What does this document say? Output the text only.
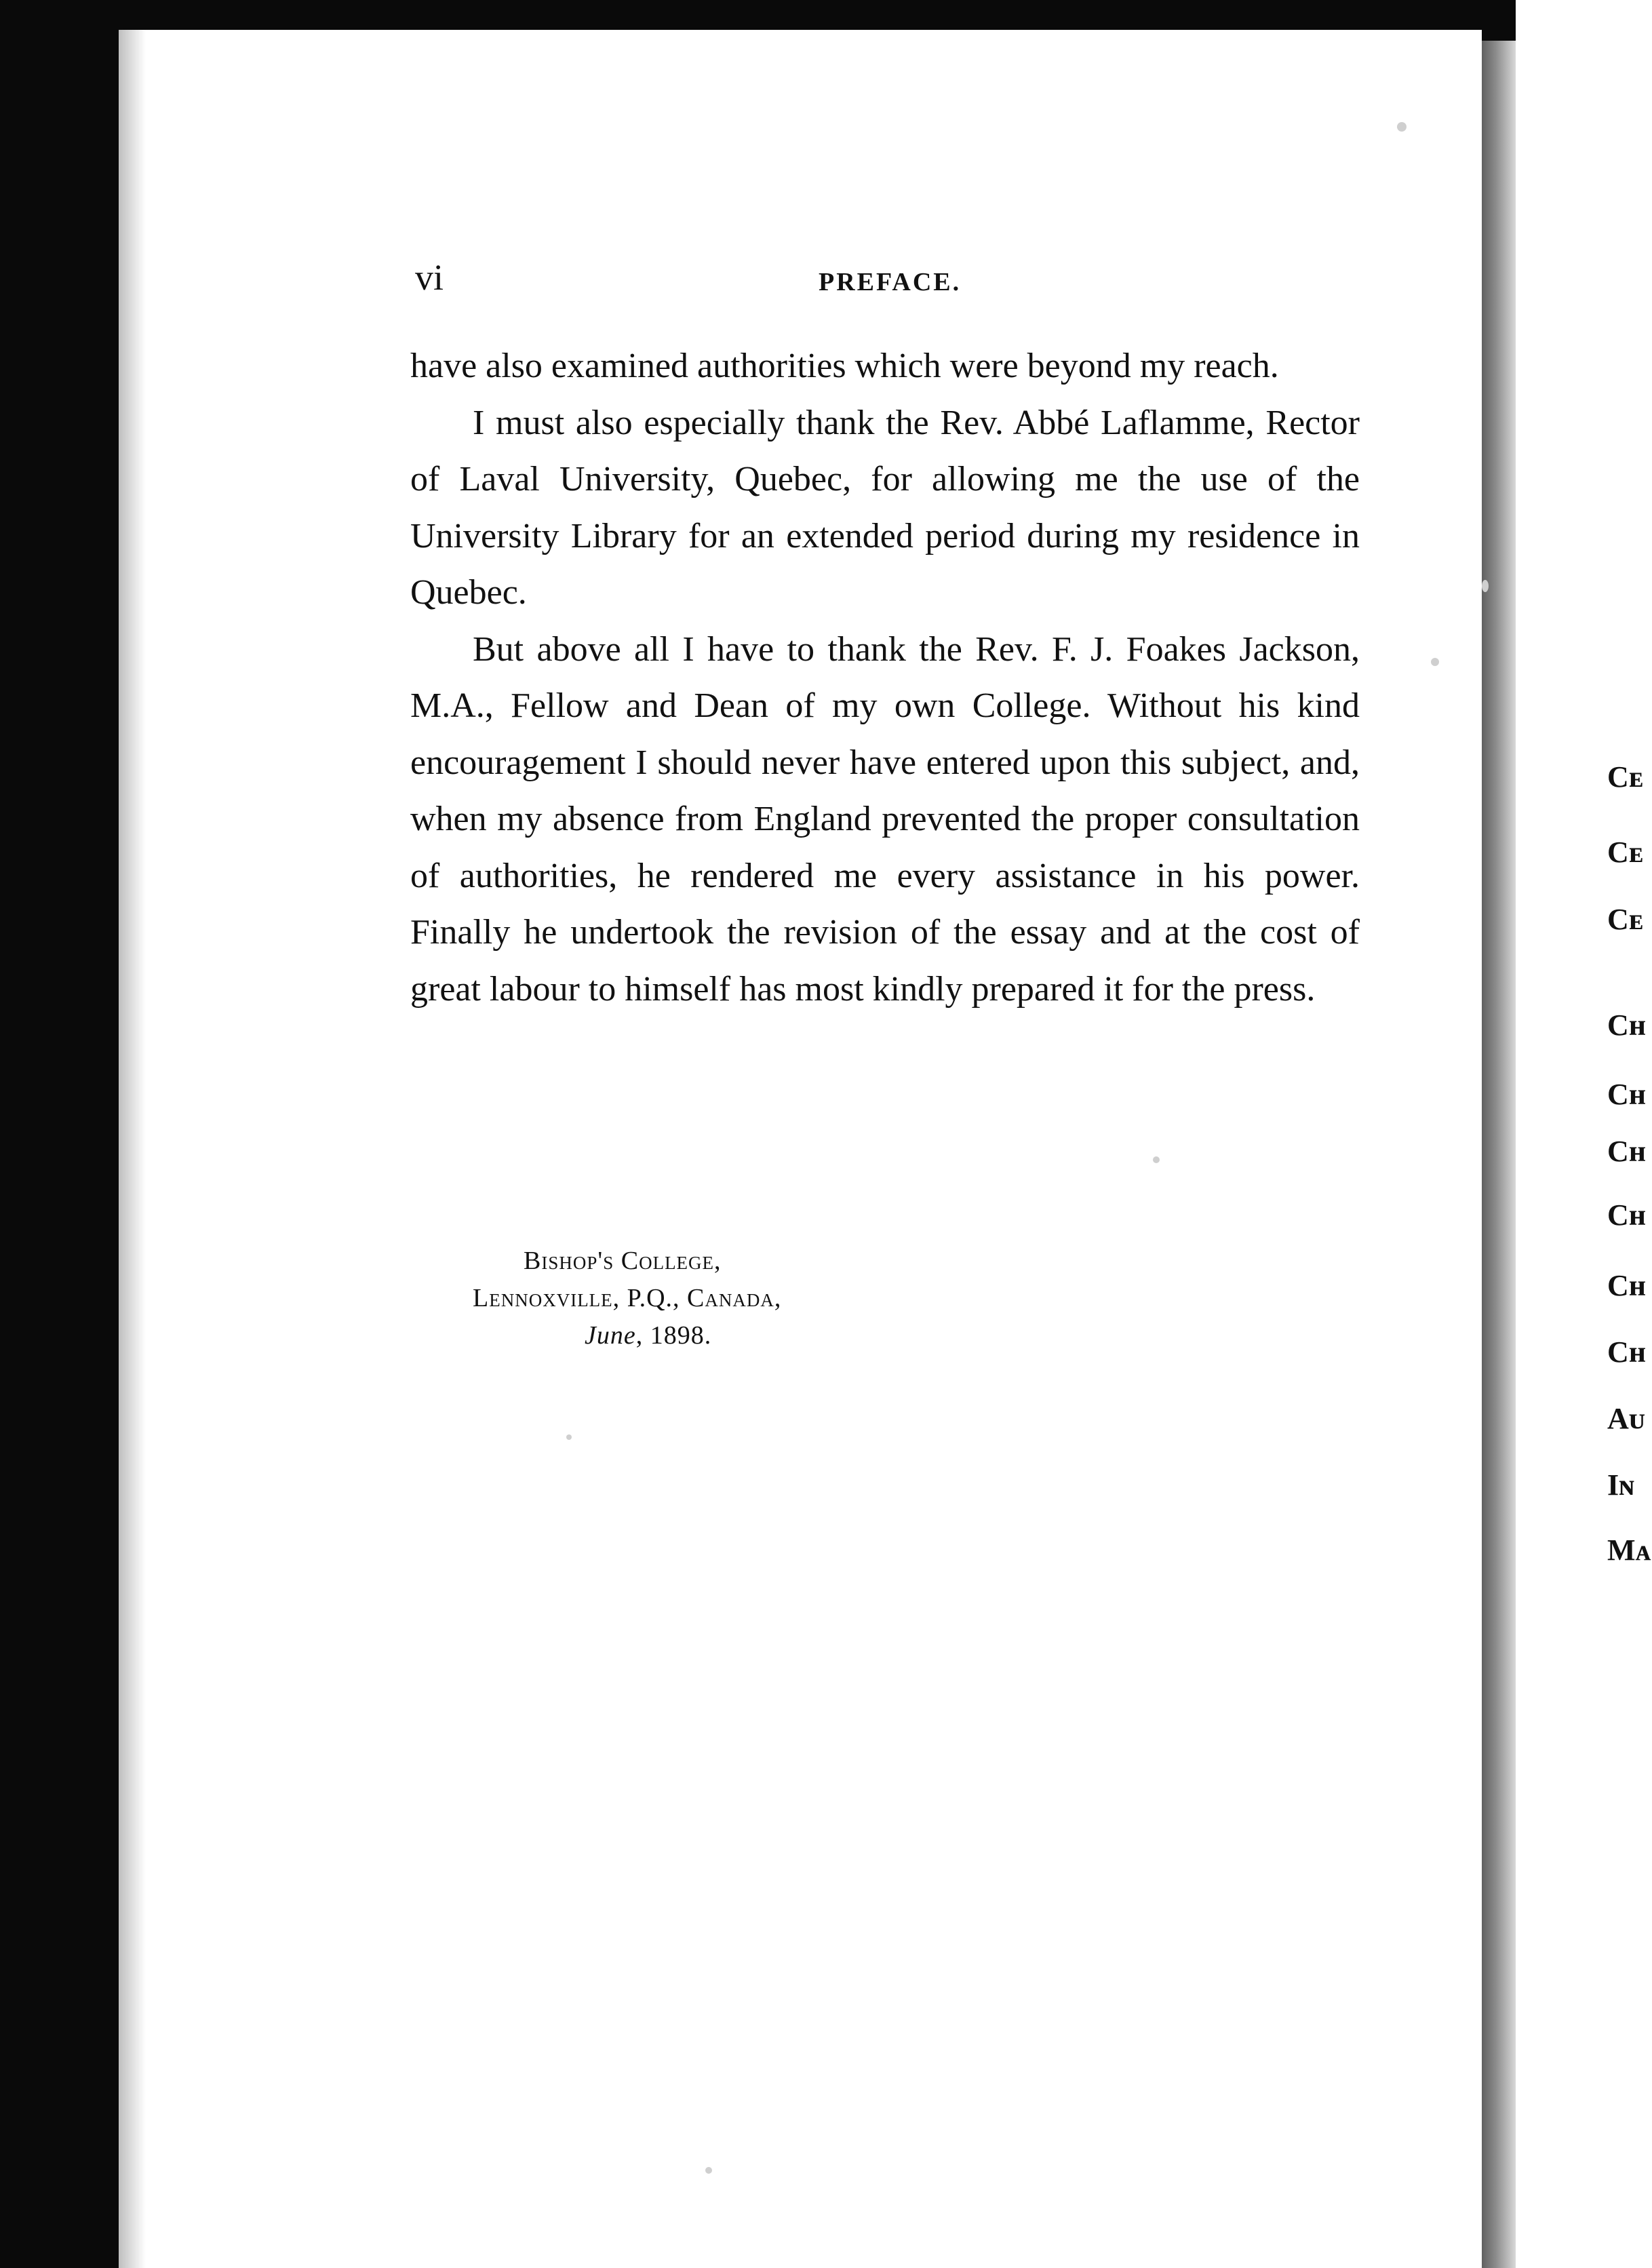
vi	PREFACE.

have also examined authorities which were beyond my reach.

I must also especially thank the Rev. Abbé Laflamme, Rector of Laval University, Quebec, for allowing me the use of the University Library for an extended period during my residence in Quebec.

But above all I have to thank the Rev. F. J. Foakes Jackson, M.A., Fellow and Dean of my own College. Without his kind encouragement I should never have entered upon this subject, and, when my absence from England prevented the proper consultation of authorities, he rendered me every assistance in his power. Finally he undertook the revision of the essay and at the cost of great labour to himself has most kindly prepared it for the press.

Bishop's College,

Lennoxville, P.Q., Canada,

June, 1898.

Cᴇ
Cᴇ
Cᴇ
Cʜ
Cʜ
Cʜ
Cʜ
Cʜ
Cʜ
Aᴜ
Iɴ
Mᴀ
